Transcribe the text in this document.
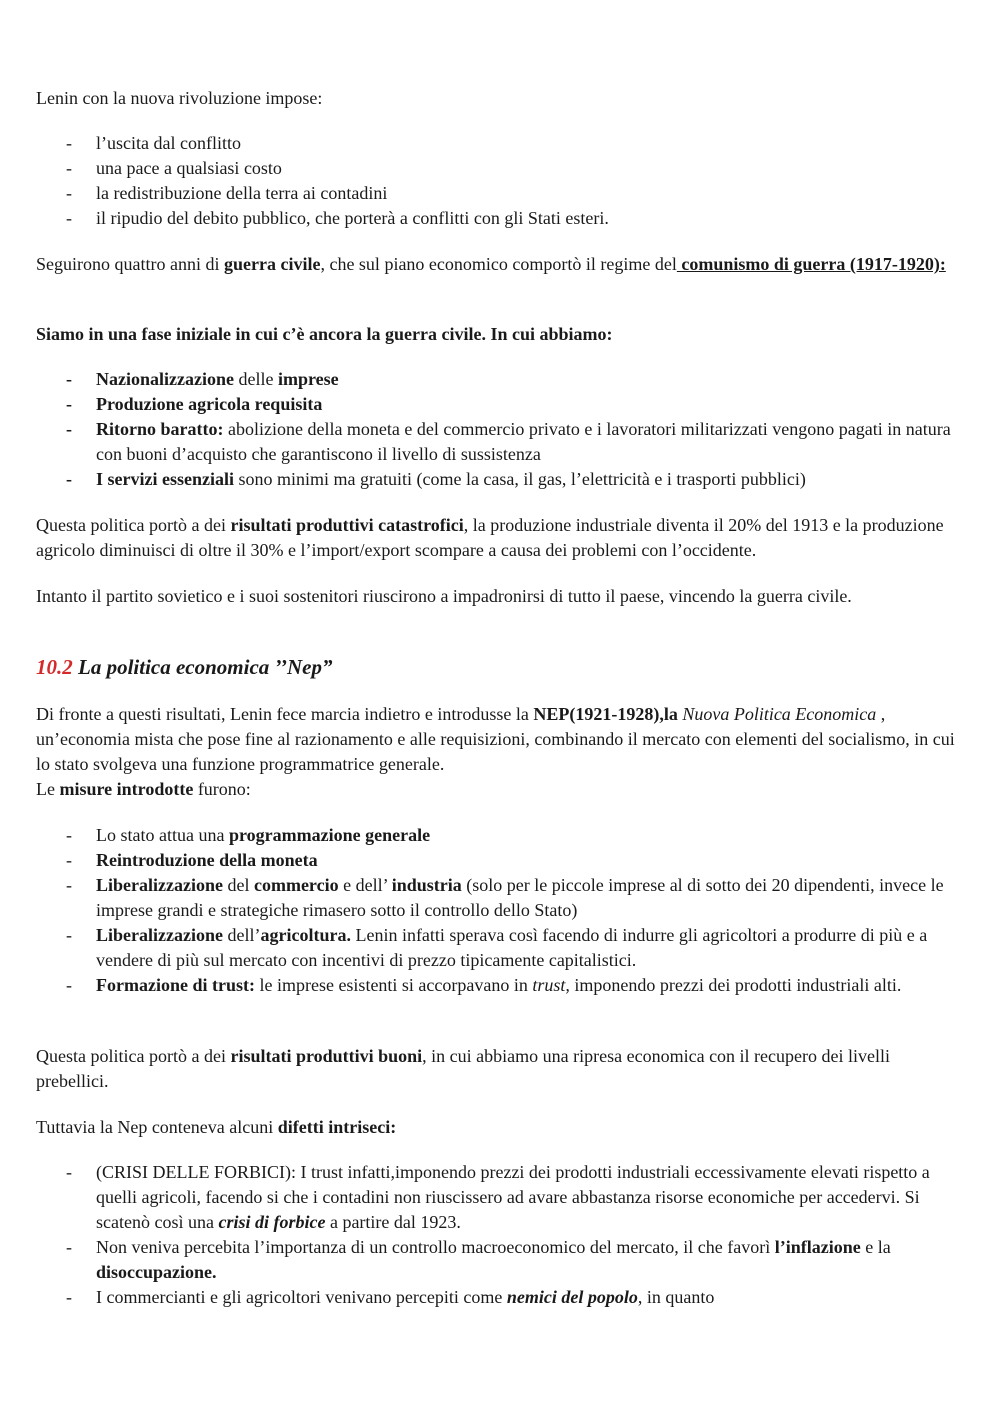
Lenin con la nuova rivoluzione impose:

- l’uscita dal conflitto
- una pace a qualsiasi costo
- la redistribuzione della terra ai contadini
- il ripudio del debito pubblico, che porterà a conflitti con gli Stati esteri.

Seguirono quattro anni di guerra civile, che sul piano economico comportò il regime del comunismo di guerra (1917-1920):

Siamo in una fase iniziale in cui c’è ancora la guerra civile. In cui abbiamo:

- Nazionalizzazione delle imprese
- Produzione agricola requisita
- Ritorno baratto: abolizione della moneta e del commercio privato e i lavoratori militarizzati vengono pagati in natura con buoni d’acquisto che garantiscono il livello di sussistenza
- I servizi essenziali sono minimi ma gratuiti (come la casa, il gas, l’elettricità e i trasporti pubblici)

Questa politica portò a dei risultati produttivi catastrofici, la produzione industriale diventa il 20% del 1913 e la produzione agricolo diminuisci di oltre il 30% e l’import/export scompare a causa dei problemi con l’occidente.

Intanto il partito sovietico e i suoi sostenitori riuscirono a impadronirsi di tutto il paese, vincendo la guerra civile.

10.2 La politica economica ’’Nep”

Di fronte a questi risultati, Lenin fece marcia indietro e introdusse la NEP(1921-1928),la Nuova Politica Economica , un’economia mista che pose fine al razionamento e alle requisizioni, combinando il mercato con elementi del socialismo, in cui lo stato svolgeva una funzione programmatrice generale.

Le misure introdotte furono:

- Lo stato attua una programmazione generale
- Reintroduzione della moneta
- Liberalizzazione del commercio e dell’ industria (solo per le piccole imprese al di sotto dei 20 dipendenti, invece le imprese grandi e strategiche rimasero sotto il controllo dello Stato)
- Liberalizzazione dell’agricoltura. Lenin infatti sperava così facendo di indurre gli agricoltori a produrre di più e a vendere di più sul mercato con incentivi di prezzo tipicamente capitalistici.
- Formazione di trust: le imprese esistenti si accorpavano in trust, imponendo prezzi dei prodotti industriali alti.

Questa politica portò a dei risultati produttivi buoni, in cui abbiamo una ripresa economica con il recupero dei livelli prebellici.

Tuttavia la Nep conteneva alcuni difetti intriseci:

- (CRISI DELLE FORBICI): I trust infatti,imponendo prezzi dei prodotti industriali eccessivamente elevati rispetto a quelli agricoli, facendo si che i contadini non riuscissero ad avare abbastanza risorse economiche per accedervi. Si scatenò così una crisi di forbice a partire dal 1923.
- Non veniva percebita l’importanza di un controllo macroeconomico del mercato, il che favorì l’inflazione e la disoccupazione.
- I commercianti e gli agricoltori venivano percepiti come nemici del popolo, in quanto
